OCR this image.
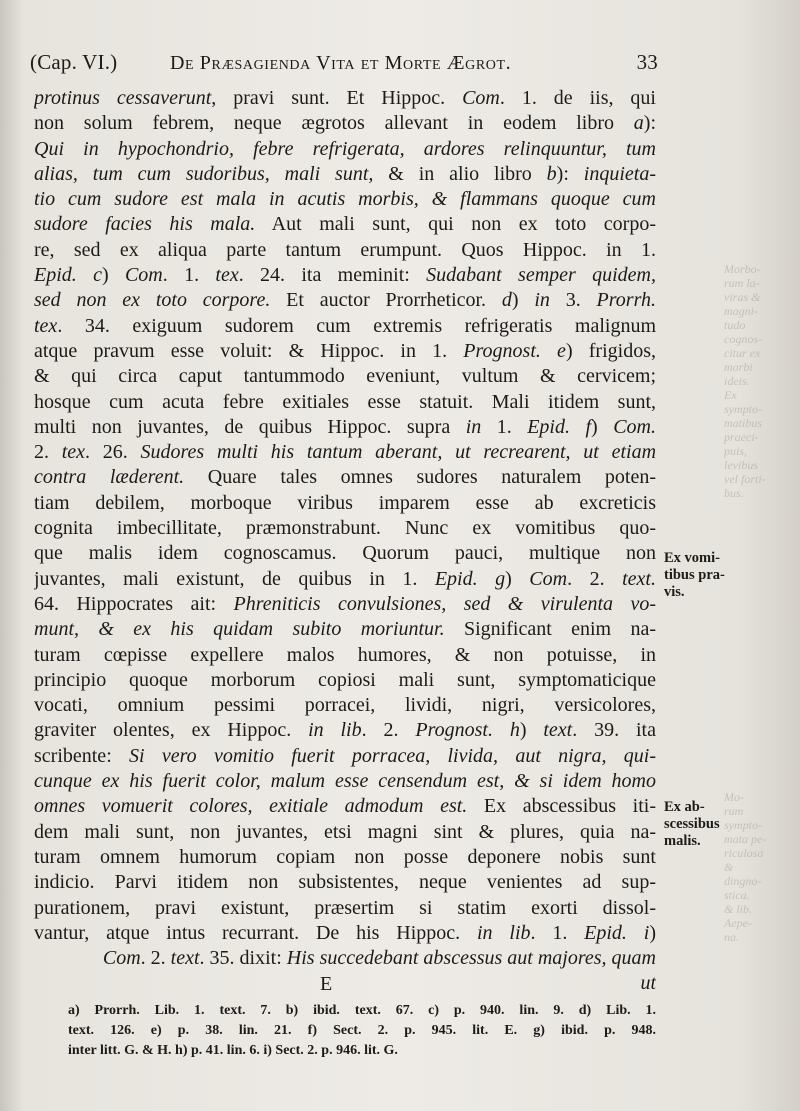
Morbo-
rum la-
viras &
magni-
tudo
cognos-
citur ex
morbi
ideis.
Ex
sympto-
matibus
praeci-
puis,
levibus
vel forti-
bus.
Mo-
rum
sympto-
mata pe-
riculosa
&
dingno-
stica.
& lib.
Aepe-
na.
(Cap. VI.)	De Præsagienda Vita et Morte Ægrot.	33
protinus cessaverunt, pravi sunt. Et Hippoc. Com. 1. de iis, qui
non solum febrem, neque ægrotos allevant in eodem libro a):
Qui in hypochondrio, febre refrigerata, ardores relinquuntur, tum
alias, tum cum sudoribus, mali sunt, & in alio libro b): inquieta-
tio cum sudore est mala in acutis morbis, & flammans quoque cum
sudore facies his mala. Aut mali sunt, qui non ex toto corpo-
re, sed ex aliqua parte tantum erumpunt. Quos Hippoc. in 1.
Epid. c) Com. 1. tex. 24. ita meminit: Sudabant semper quidem,
sed non ex toto corpore. Et auctor Prorrheticor. d) in 3. Prorrh.
tex. 34. exiguum sudorem cum extremis refrigeratis malignum
atque pravum esse voluit: & Hippoc. in 1. Prognost. e) frigidos,
& qui circa caput tantummodo eveniunt, vultum & cervicem;
hosque cum acuta febre exitiales esse statuit. Mali itidem sunt,
multi non juvantes, de quibus Hippoc. supra in 1. Epid. f) Com.
2. tex. 26. Sudores multi his tantum aberant, ut recrearent, ut etiam
contra læderent. Quare tales omnes sudores naturalem poten-
tiam debilem, morboque viribus imparem esse ab excreticis
cognita imbecillitate, præmonstrabunt. Nunc ex vomitibus quo-
que malis idem cognoscamus. Quorum pauci, multique non
juvantes, mali existunt, de quibus in 1. Epid. g) Com. 2. text.
64. Hippocrates ait: Phreniticis convulsiones, sed & virulenta vo-
munt, & ex his quidam subito moriuntur. Significant enim na-
turam cœpisse expellere malos humores, & non potuisse, in
principio quoque morborum copiosi mali sunt, symptomaticique
vocati, omnium pessimi porracei, lividi, nigri, versicolores,
graviter olentes, ex Hippoc. in lib. 2. Prognost. h) text. 39. ita
scribente: Si vero vomitio fuerit porracea, livida, aut nigra, qui-
cunque ex his fuerit color, malum esse censendum est, & si idem homo
omnes vomuerit colores, exitiale admodum est. Ex abscessibus iti-
dem mali sunt, non juvantes, etsi magni sint & plures, quia na-
turam omnem humorum copiam non posse deponere nobis sunt
indicio. Parvi itidem non subsistentes, neque venientes ad sup-
purationem, pravi existunt, præsertim si statim exorti dissol-
vantur, atque intus recurrant. De his Hippoc. in lib. 1. Epid. i)
Com. 2. text. 35. dixit: His succedebant abscessus aut majores, quam
ut
Ex vomi-
tibus pra-
vis.
Ex ab-
scessibus
malis.
E
a) Prorrh. Lib. 1. text. 7. b) ibid. text. 67. c) p. 940. lin. 9. d) Lib. 1.
text. 126. e) p. 38. lin. 21. f) Sect. 2. p. 945. lit. E. g) ibid. p. 948.
inter litt. G. & H. h) p. 41. lin. 6. i) Sect. 2. p. 946. lit. G.
